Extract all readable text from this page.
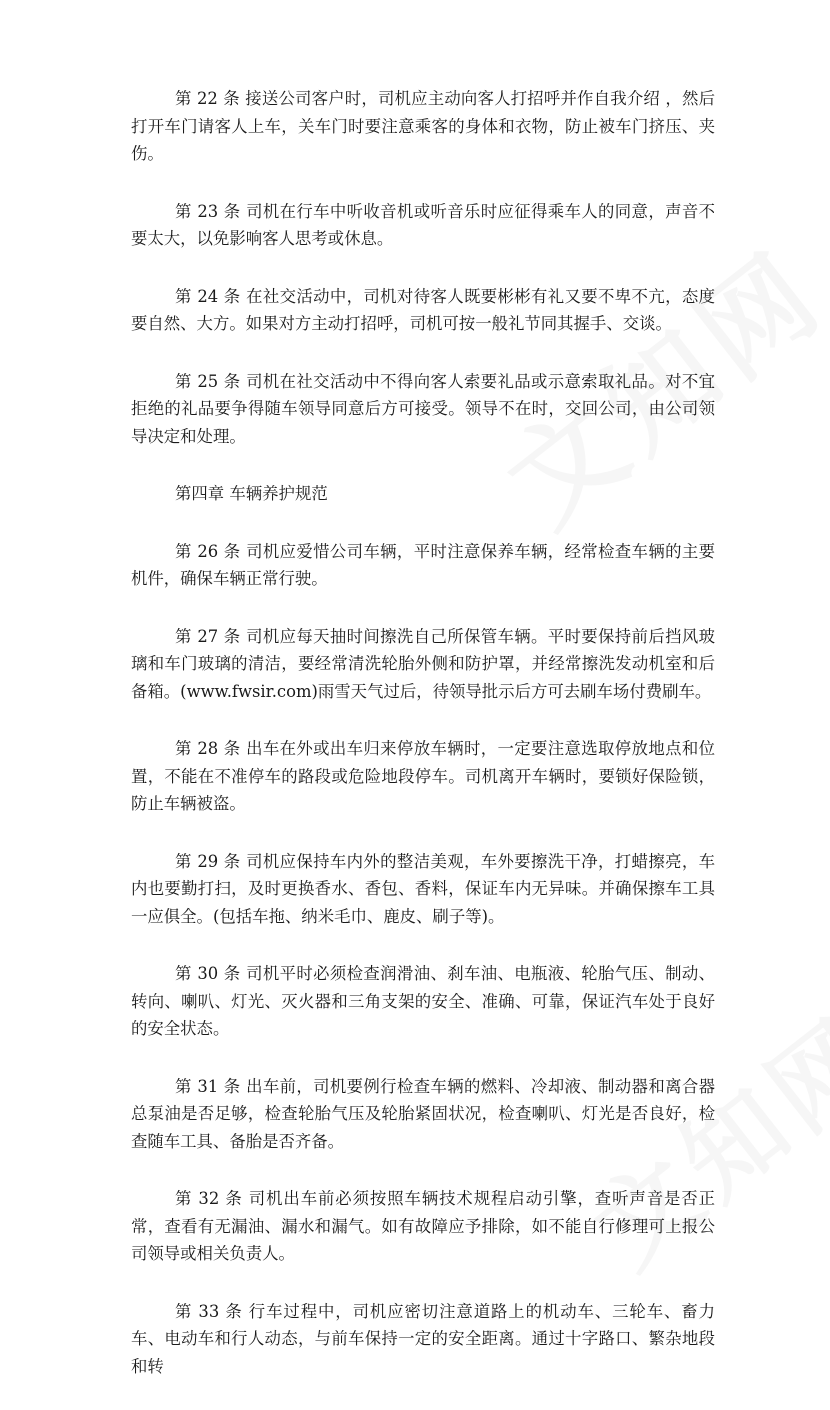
第 22 条 接送公司客户时，司机应主动向客人打招呼并作自我介绍 ，然后打开车门请客人上车，关车门时要注意乘客的身体和衣物，防止被车门挤压、夹伤。

第 23 条 司机在行车中听收音机或听音乐时应征得乘车人的同意，声音不要太大，以免影响客人思考或休息。

第 24 条 在社交活动中，司机对待客人既要彬彬有礼又要不卑不亢，态度要自然、大方。如果对方主动打招呼，司机可按一般礼节同其握手、交谈。

第 25 条 司机在社交活动中不得向客人索要礼品或示意索取礼品。对不宜拒绝的礼品要争得随车领导同意后方可接受。领导不在时，交回公司，由公司领导决定和处理。

第四章 车辆养护规范

第 26 条 司机应爱惜公司车辆，平时注意保养车辆，经常检查车辆的主要机件，确保车辆正常行驶。

第 27 条 司机应每天抽时间擦洗自己所保管车辆。平时要保持前后挡风玻璃和车门玻璃的清洁，要经常清洗轮胎外侧和防护罩，并经常擦洗发动机室和后备箱。(www.fwsir.com)雨雪天气过后，待领导批示后方可去刷车场付费刷车。

第 28 条 出车在外或出车归来停放车辆时，一定要注意选取停放地点和位置，不能在不准停车的路段或危险地段停车。司机离开车辆时，要锁好保险锁，防止车辆被盗。

第 29 条 司机应保持车内外的整洁美观，车外要擦洗干净，打蜡擦亮，车内也要勤打扫，及时更换香水、香包、香料，保证车内无异味。并确保擦车工具一应俱全。(包括车拖、纳米毛巾、鹿皮、刷子等)。

第 30 条 司机平时必须检查润滑油、刹车油、电瓶液、轮胎气压、制动、转向、喇叭、灯光、灭火器和三角支架的安全、准确、可靠，保证汽车处于良好的安全状态。

第 31 条 出车前，司机要例行检查车辆的燃料、冷却液、制动器和离合器总泵油是否足够，检查轮胎气压及轮胎紧固状况，检查喇叭、灯光是否良好，检查随车工具、备胎是否齐备。

第 32 条 司机出车前必须按照车辆技术规程启动引擎，查听声音是否正常，查看有无漏油、漏水和漏气。如有故障应予排除，如不能自行修理可上报公司领导或相关负责人。

第 33 条 行车过程中，司机应密切注意道路上的机动车、三轮车、畜力车、电动车和行人动态，与前车保持一定的安全距离。通过十字路口、繁杂地段和转
